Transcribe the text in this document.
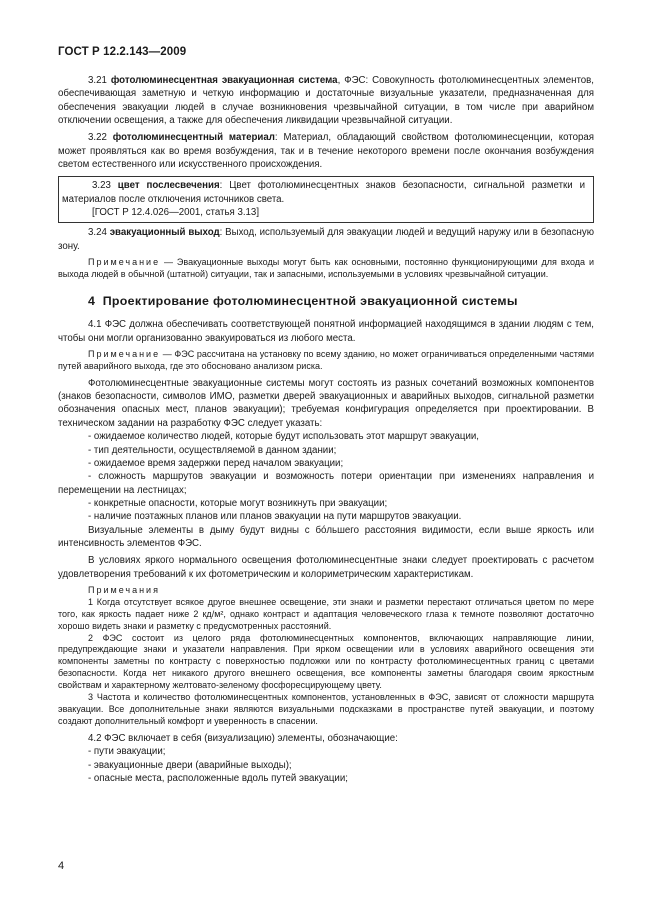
ГОСТ Р 12.2.143—2009

3.21 фотолюминесцентная эвакуационная система, ФЭС: Совокупность фотолюминесцентных элементов, обеспечивающая заметную и четкую информацию и достаточные визуальные указатели, предназначенная для обеспечения эвакуации людей в случае возникновения чрезвычайной ситуации, в том числе при аварийном отключении освещения, а также для обеспечения ликвидации чрезвычайной ситуации.

3.22 фотолюминесцентный материал: Материал, обладающий свойством фотолюминесценции, которая может проявляться как во время возбуждения, так и в течение некоторого времени после окончания возбуждения светом естественного или искусственного происхождения.

3.23 цвет послесвечения: Цвет фотолюминесцентных знаков безопасности, сигнальной разметки и материалов после отключения источников света.

[ГОСТ Р 12.4.026—2001, статья 3.13]

3.24 эвакуационный выход: Выход, используемый для эвакуации людей и ведущий наружу или в безопасную зону.

Примечание — Эвакуационные выходы могут быть как основными, постоянно функционирующими для входа и выхода людей в обычной (штатной) ситуации, так и запасными, используемыми в условиях чрезвычайной ситуации.

4 Проектирование фотолюминесцентной эвакуационной системы

4.1 ФЭС должна обеспечивать соответствующей понятной информацией находящимся в здании людям с тем, чтобы они могли организованно эвакуироваться из любого места.

Примечание — ФЭС рассчитана на установку по всему зданию, но может ограничиваться определенными частями путей аварийного выхода, где это обосновано анализом риска.

Фотолюминесцентные эвакуационные системы могут состоять из разных сочетаний возможных компонентов (знаков безопасности, символов ИМО, разметки дверей эвакуационных и аварийных выходов, сигнальной разметки обозначения опасных мест, планов эвакуации); требуемая конфигурация определяется при проектировании. В техническом задании на разработку ФЭС следует указать:

- ожидаемое количество людей, которые будут использовать этот маршрут эвакуации,

- тип деятельности, осуществляемой в данном здании;

- ожидаемое время задержки перед началом эвакуации;

- сложность маршрутов эвакуации и возможность потери ориентации при изменениях направления и перемещении на лестницах;

- конкретные опасности, которые могут возникнуть при эвакуации;

- наличие поэтажных планов или планов эвакуации на пути маршрутов эвакуации.

Визуальные элементы в дыму будут видны с бо́льшего расстояния видимости, если выше яркость или интенсивность элементов ФЭС.

В условиях яркого нормального освещения фотолюминесцентные знаки следует проектировать с расчетом удовлетворения требований к их фотометрическим и колориметрическим характеристикам.

Примечания

1 Когда отсутствует всякое другое внешнее освещение, эти знаки и разметки перестают отличаться цветом по мере того, как яркость падает ниже 2 кд/м², однако контраст и адаптация человеческого глаза к темноте позволяют достаточно хорошо видеть знаки и разметку с предусмотренных расстояний.

2 ФЭС состоит из целого ряда фотолюминесцентных компонентов, включающих направляющие линии, предупреждающие знаки и указатели направления. При ярком освещении или в условиях аварийного освещения эти компоненты заметны по контрасту с поверхностью подложки или по контрасту фотолюминесцентных границ с цветами безопасности. Когда нет никакого другого внешнего освещения, все компоненты заметны благодаря своим яркостным свойствам и характерному желтовато-зеленому фосфоресцирующему цвету.

3 Частота и количество фотолюминесцентных компонентов, установленных в ФЭС, зависят от сложности маршрута эвакуации. Все дополнительные знаки являются визуальными подсказками в пространстве путей эвакуации, и поэтому создают дополнительный комфорт и уверенность в спасении.

4.2 ФЭС включает в себя (визуализацию) элементы, обозначающие:

- пути эвакуации;

- эвакуационные двери (аварийные выходы);

- опасные места, расположенные вдоль путей эвакуации;

4
